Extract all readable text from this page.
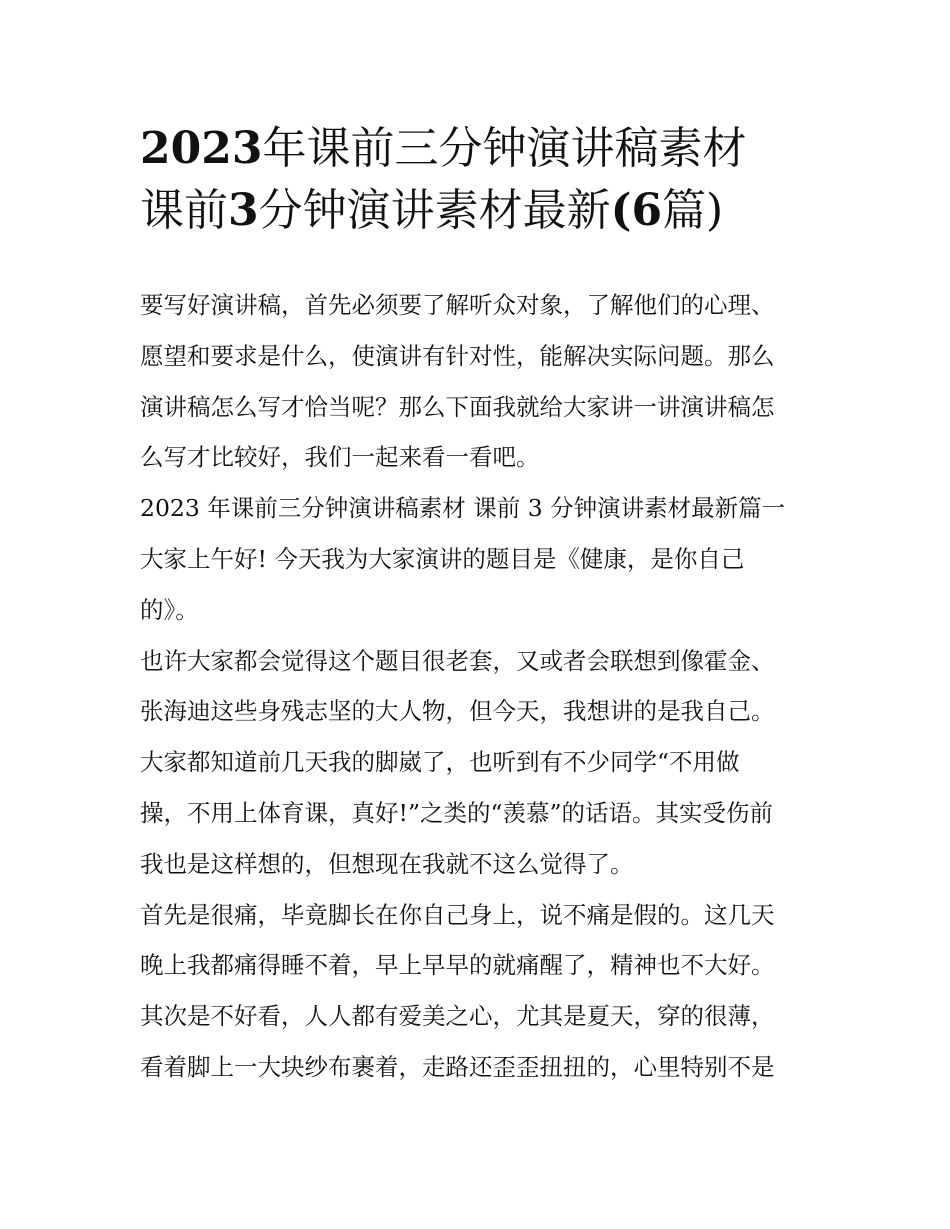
2023年课前三分钟演讲稿素材
课前3分钟演讲素材最新(6篇)
要写好演讲稿，首先必须要了解听众对象，了解他们的心理、
愿望和要求是什么，使演讲有针对性，能解决实际问题。那么
演讲稿怎么写才恰当呢？那么下面我就给大家讲一讲演讲稿怎
么写才比较好，我们一起来看一看吧。
2023 年课前三分钟演讲稿素材 课前 3 分钟演讲素材最新篇一
大家上午好! 今天我为大家演讲的题目是《健康，是你自己
的》。
也许大家都会觉得这个题目很老套，又或者会联想到像霍金、
张海迪这些身残志坚的大人物，但今天，我想讲的是我自己。
大家都知道前几天我的脚崴了，也听到有不少同学“不用做
操，不用上体育课，真好!”之类的“羡慕”的话语。其实受伤前
我也是这样想的，但想现在我就不这么觉得了。
首先是很痛，毕竟脚长在你自己身上，说不痛是假的。这几天
晚上我都痛得睡不着，早上早早的就痛醒了，精神也不大好。
其次是不好看，人人都有爱美之心，尤其是夏天，穿的很薄，
看着脚上一大块纱布裹着，走路还歪歪扭扭的，心里特别不是
